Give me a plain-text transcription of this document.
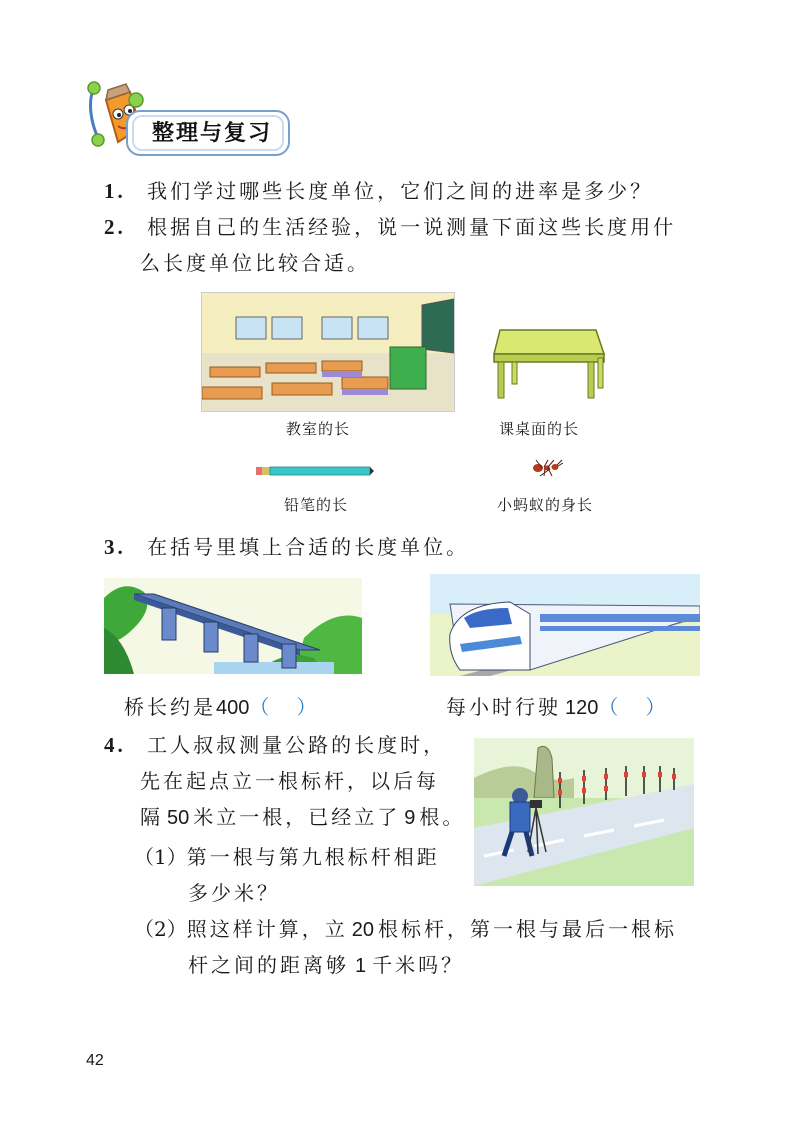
整理与复习
1. 我们学过哪些长度单位，它们之间的进率是多少？
2. 根据自己的生活经验，说一说测量下面这些长度用什
么长度单位比较合适。
教室的长	课桌面的长
铅笔的长	小蚂蚁的身长
3. 在括号里填上合适的长度单位。
桥长约是400（ ）	每小时行驶 120（ ）
4. 工人叔叔测量公路的长度时，
先在起点立一根标杆，以后每
隔 50 米立一根，已经立了 9 根。
（1）第一根与第九根标杆相距
多少米？
（2）照这样计算，立 20 根标杆，第一根与最后一根标
杆之间的距离够 1 千米吗？
42
